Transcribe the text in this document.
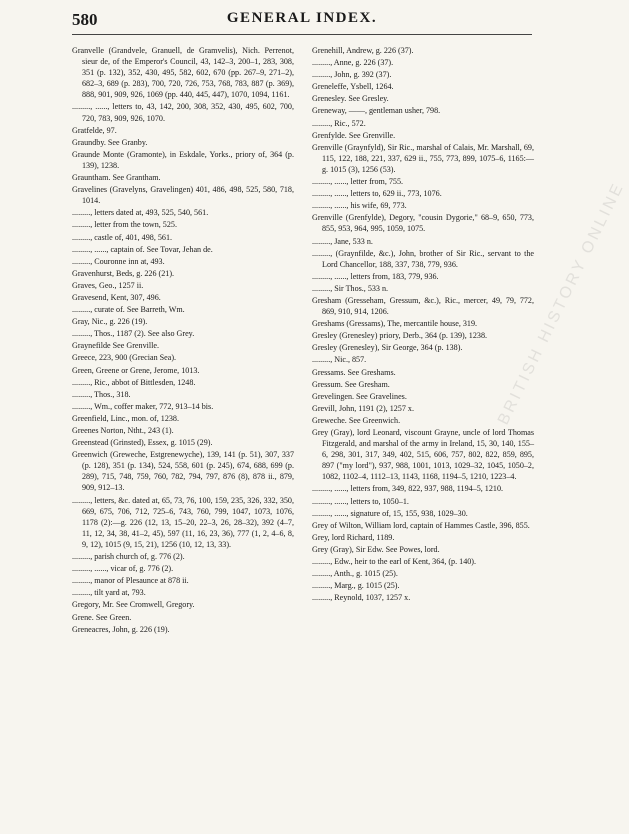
580	GENERAL INDEX.

Granvelle (Grandvele, Granuell, de Gramvelis), Nich. Perrenot, sieur de, of the Emperor's Council, 43, 142–3, 200–1, 283, 308, 351 (p. 132), 352, 430, 495, 582, 602, 670 (pp. 267–9, 271–2), 682–3, 689 (p. 283), 700, 720, 726, 753, 768, 783, 887 (p. 369), 888, 901, 909, 926, 1069 (pp. 440, 445, 447), 1070, 1094, 1161.

........., ......, letters to, 43, 142, 200, 308, 352, 430, 495, 602, 700, 720, 783, 909, 926, 1070.

Gratfelde, 97.

Graundby. See Granby.

Graunde Monte (Gramonte), in Eskdale, Yorks., priory of, 364 (p. 139), 1238.

Grauntham. See Grantham.

Gravelines (Gravelyns, Gravelingen) 401, 486, 498, 525, 580, 718, 1014.

........., letters dated at, 493, 525, 540, 561.

........., letter from the town, 525.

........., castle of, 401, 498, 561.

........., ......, captain of. See Tovar, Jehan de.

........., Couronne inn at, 493.

Gravenhurst, Beds, g. 226 (21).

Graves, Geo., 1257 ii.

Gravesend, Kent, 307, 496.

........., curate of. See Barreth, Wm.

Gray, Nic., g. 226 (19).

........., Thos., 1187 (2). See also Grey.

Graynefilde See Grenville.

Greece, 223, 900 (Grecian Sea).

Green, Greene or Grene, Jerome, 1013.

........., Ric., abbot of Bittlesden, 1248.

........., Thos., 318.

........., Wm., coffer maker, 772, 913–14 bis.

Greenfield, Linc., mon. of, 1238.

Greenes Norton, Ntht., 243 (1).

Greenstead (Grinsted), Essex, g. 1015 (29).

Greenwich (Greweche, Estgrenewyche), 139, 141 (p. 51), 307, 337 (p. 128), 351 (p. 134), 524, 558, 601 (p. 245), 674, 688, 699 (p. 289), 715, 748, 759, 760, 782, 794, 797, 876 (8), 878 ii., 879, 909, 912–13.

........., letters, &c. dated at, 65, 73, 76, 100, 159, 235, 326, 332, 350, 669, 675, 706, 712, 725–6, 743, 760, 799, 1047, 1073, 1076, 1178 (2):—g. 226 (12, 13, 15–20, 22–3, 26, 28–32), 392 (4–7, 11, 12, 34, 38, 41–2, 45), 597 (11, 16, 23, 36), 777 (1, 2, 4–6, 8, 9, 12), 1015 (9, 15, 21), 1256 (10, 12, 13, 33).

........., parish church of, g. 776 (2).

........., ......, vicar of, g. 776 (2).

........., manor of Plesaunce at 878 ii.

........., tilt yard at, 793.

Gregory, Mr. See Cromwell, Gregory.

Grene. See Green.

Greneacres, John, g. 226 (19).

Grenehill, Andrew, g. 226 (37).

........., Anne, g. 226 (37).

........., John, g. 392 (37).

Greneleffe, Ysbell, 1264.

Grenesley. See Gresley.

Greneway, ——, gentleman usher, 798.

........., Ric., 572.

Grenfylde. See Grenville.

Grenville (Graynfyld), Sir Ric., marshal of Calais, Mr. Marshall, 69, 115, 122, 188, 221, 337, 629 ii., 755, 773, 899, 1075–6, 1165:—g. 1015 (3), 1256 (53).

........., ......, letter from, 755.

........., ......, letters to, 629 ii., 773, 1076.

........., ......, his wife, 69, 773.

Grenville (Grenfylde), Degory, "cousin Dygorie," 68–9, 650, 773, 855, 953, 964, 995, 1059, 1075.

........., Jane, 533 n.

........., (Graynfilde, &c.), John, brother of Sir Ric., servant to the Lord Chancellor, 188, 337, 738, 779, 936.

........., ......, letters from, 183, 779, 936.

........., Sir Thos., 533 n.

Gresham (Gresseham, Gressum, &c.), Ric., mercer, 49, 79, 772, 869, 910, 914, 1206.

Greshams (Gressams), The, mercantile house, 319.

Gresley (Grenesley) priory, Derb., 364 (p. 139), 1238.

Gresley (Grenesley), Sir George, 364 (p. 138).

........., Nic., 857.

Gressams. See Greshams.

Gressum. See Gresham.

Grevelingen. See Gravelines.

Grevill, John, 1191 (2), 1257 x.

Greweche. See Greenwich.

Grey (Gray), lord Leonard, viscount Grayne, uncle of lord Thomas Fitzgerald, and marshal of the army in Ireland, 15, 30, 140, 155–6, 298, 301, 317, 349, 402, 515, 606, 757, 802, 822, 859, 895, 897 ("my lord"), 937, 988, 1001, 1013, 1029–32, 1045, 1050–2, 1082, 1102–4, 1112–13, 1143, 1168, 1194–5, 1210, 1223–4.

........., ......, letters from, 349, 822, 937, 988, 1194–5, 1210.

........., ......, letters to, 1050–1.

........., ......, signature of, 15, 155, 938, 1029–30.

Grey of Wilton, William lord, captain of Hammes Castle, 396, 855.

Grey, lord Richard, 1189.

Grey (Gray), Sir Edw. See Powes, lord.

........., Edw., heir to the earl of Kent, 364, (p. 140).

........., Anth., g. 1015 (25).

........., Marg., g. 1015 (25).

........., Reynold, 1037, 1257 x.

BRITISH HISTORY ONLINE
